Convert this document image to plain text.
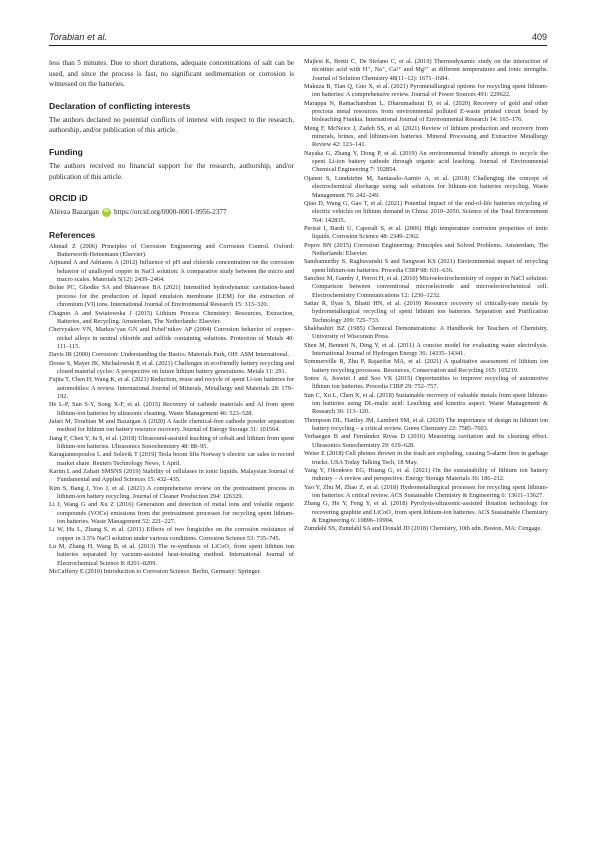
Torabian et al.	409

less than 5 minutes. Due to short durations, adequate concentrations of salt can be used, and since the process is fast, no significant sedimentation or corrosion is witnessed on the batteries.

Declaration of conflicting interests

The authors declared no potential conflicts of interest with respect to the research, authorship, and/or publication of this article.

Funding

The authors received no financial support for the research, authorship, and/or publication of this article.

ORCID iD
Alireza Bazargan	iD https://orcid.org/0000-0001-9956-2377
References

Ahmad Z (2006) Principles of Corrosion Engineering and Corrosion Control. Oxford: Butterworth-Heinemann (Elsevier).

Arjmand A and Adriaens A (2012) Influence of pH and chloride concentration on the corrosion behavior of unalloyed copper in NaCl solution: A comparative study between the micro and macro scales. Materials 5(12): 2439–2464.

Bolne PC, Ghodke SA and Bhanvase BA (2021) Intensified hydrodynamic cavitation-based process for the production of liquid emulsion membrane (LEM) for the extraction of chromium (VI) ions. International Journal of Environmental Research 15: 313–320.

Chagnes A and Swiatowska J (2015) Lithium Process Chemistry: Resources, Extraction, Batteries, and Recycling. Amsterdam, The Netherlands: Elsevier.

Chervyakov VN, Markos’yan GN and Pchel’nikov AP (2004) Corrosion behavior of copper–nickel alloys in neutral chloride and sulfide containing solutions. Protection of Metals 40: 111–115.

Davis JR (2000) Corrosion: Understanding the Basics. Materials Park, OH: ASM International.

Doose S, Mayer JK, Michalowski P, et al. (2021) Challenges in ecofriendly battery recycling and closed material cycles: A perspective on future lithium battery generations. Metals 11: 291.

Fujita T, Chen H, Wang K, et al. (2021) Reduction, reuse and recycle of spent Li-ion batteries for automobiles: A review. International Journal of Minerals, Metallurgy and Materials 28: 179–192.

He L-P, Sun S-Y, Song X-F, et al. (2015) Recovery of cathode materials and Al from spent lithium-ion batteries by ultrasonic cleaning. Waste Management 46: 523–528.

Jafari M, Torabian M and Bazargan A (2020) A facile chemical-free cathode powder separation method for lithium ion battery resource recovery. Journal of Energy Storage 31: 101564.

Jiang F, Chen Y, Ju S, et al. (2018) Ultrasound-assisted leaching of cobalt and lithium from spent lithium-ion batteries. Ultrasonics Sonochemistry 48: 88–95.

Karagiannopoulos L and Solsvik T (2019) Tesla boom lifts Norway’s electric car sales to record market share. Reuters Technology News, 1 April.

Karim L and Zahari SMSNS (2019) Stability of cellulases in ionic liquids. Malaysian Journal of Fundamental and Applied Sciences 15: 432–435.

Kim S, Bang J, Yoo J, et al. (2021) A comprehensive review on the pretreatment process in lithium-ion battery recycling. Journal of Cleaner Production 294: 126329.

Li J, Wang G and Xu Z (2016) Generation and detection of metal ions and volatile organic compounds (VOCs) emissions from the pretreatment processes for recycling spent lithium-ion batteries. Waste Management 52: 221–227.

Li W, Hu L, Zhang S, et al. (2011) Effects of two fungicides on the corrosion resistance of copper in 3.5% NaCl solution under various conditions. Corrosion Science 53: 735–745.

Lu M, Zhang H, Wang B, et al. (2013) The re-synthesis of LiCoO₂ from spent lithium ion batteries separated by vacuum-assisted heat-treating method. International Journal of Electrochemical Science 8: 8201–8209.

McCafferty E (2010) Introduction to Corrosion Science. Berlin, Germany: Springer.

Majlesi K, Bretti C, De Stefano C, et al. (2019) Thermodynamic study on the interaction of nicotinic acid with H⁺, Na⁺, Ca²⁺ and Mg²⁺ at different temperatures and ionic strengths. Journal of Solution Chemistry 48(11–12): 1671–1684.

Makuza B, Tian Q, Guo X, et al. (2021) Pyrometallurgical options for recycling spent lithium-ion batteries: A comprehensive review. Journal of Power Sources 491: 229622.

Marappa N, Ramachandran L, Dharumadurai D, et al. (2020) Recovery of gold and other precious metal resources from environmental polluted E-waste printed circuit board by bioleaching Frankia. International Journal of Environmental Research 14: 165–176.

Meng F, McNeice J, Zadeh SS, et al. (2021) Review of lithium production and recovery from minerals, brines, and lithium-ion batteries. Mineral Processing and Extractive Metallurgy Review 42: 123–141.

Nayaka G, Zhang Y, Dong P, et al. (2019) An environmental friendly attempt to recycle the spent Li-ion battery cathode through organic acid leaching. Journal of Environmental Chemical Engineering 7: 102854.

Ojanen S, Lundström M, Santasalo-Aarnio A, et al. (2018) Challenging the concept of electrochemical discharge using salt solutions for lithium-ion batteries recycling. Waste Management 76: 242–249.

Qiao D, Wang G, Gao T, et al. (2021) Potential impact of the end-of-life batteries recycling of electric vehicles on lithium demand in China: 2010–2050. Science of the Total Environment 764: 142835.

Perissi I, Bardi U, Caporali S, et al. (2006) High temperature corrosion properties of ionic liquids. Corrosion Science 48: 2349–2362.

Popov BN (2015) Corrosion Engineering: Principles and Solved Problems. Amsterdam, The Netherlands: Elsevier.

Sambamurthy S, Raghuvanshi S and Sangwan KS (2021) Environmental impact of recycling spent lithium-ion batteries. Procedia CIRP 98: 631–636.

Sanchez M, Gamby J, Perrot H, et al. (2010) Microelectrochemistry of copper in NaCl solution: Comparison between conventional microelectrode and microelectrochemical cell. Electrochemistry Communications 12: 1230–1232.

Sattar R, Ilyas S, Bhatti HN, et al. (2019) Resource recovery of critically-rare metals by hydrometallurgical recycling of spent lithium ion batteries. Separation and Purification Technology 209: 725–733.

Shakhashiri BZ (1985) Chemical Demonstrations: A Handbook for Teachers of Chemistry. University of Wisconsin Press.

Shen M, Bennett N, Ding Y, et al. (2011) A concise model for evaluating water electrolysis. International Journal of Hydrogen Energy 36: 14335–14341.

Sommerville R, Zhu P, Rajaeifar MA, et al. (2021) A qualitative assessment of lithium ion battery recycling processes. Resources, Conservation and Recycling 165: 105219.

Sonoc A, Jeswiet J and Soo VK (2015) Opportunities to improve recycling of automotive lithium ion batteries. Procedia CIRP 29: 752–757.

Sun C, Xu L, Chen X, et al. (2018) Sustainable recovery of valuable metals from spent lithium-ion batteries using DL-malic acid: Leaching and kinetics aspect. Waste Management & Research 36: 113–120.

Thompson DL, Hartley JM, Lambert SM, et al. (2020) The importance of design in lithium ion battery recycling – a critical review. Green Chemistry 22: 7585–7603.

Verhaegen B and Fernández Rivas D (2016) Measuring cavitation and its cleaning effect. Ultrasonics Sonochemistry 29: 619–628.

Weise E (2018) Cell phones thrown in the trash are exploding, causing 5-alarm fires in garbage trucks. USA Today Talking Tech, 18 May.

Yang Y, Okonkwo EG, Huang G, et al. (2021) On the sustainability of lithium ion battery industry – A review and perspective. Energy Storage Materials 36: 186–212.

Yao Y, Zhu M, Zhao Z, et al. (2018) Hydrometallurgical processes for recycling spent lithium-ion batteries: A critical review. ACS Sustainable Chemistry & Engineering 6: 13611–13627.

Zhang G, He Y, Feng Y, et al. (2018) Pyrolysis-ultrasonic-assisted flotation technology for recovering graphite and LiCoO₂ from spent lithium-ion batteries. ACS Sustainable Chemistry & Engineering 6: 10896–10904.

Zumdahl SS, Zumdahl SA and Donald JD (2018) Chemistry, 10th edn. Boston, MA: Cengage.
